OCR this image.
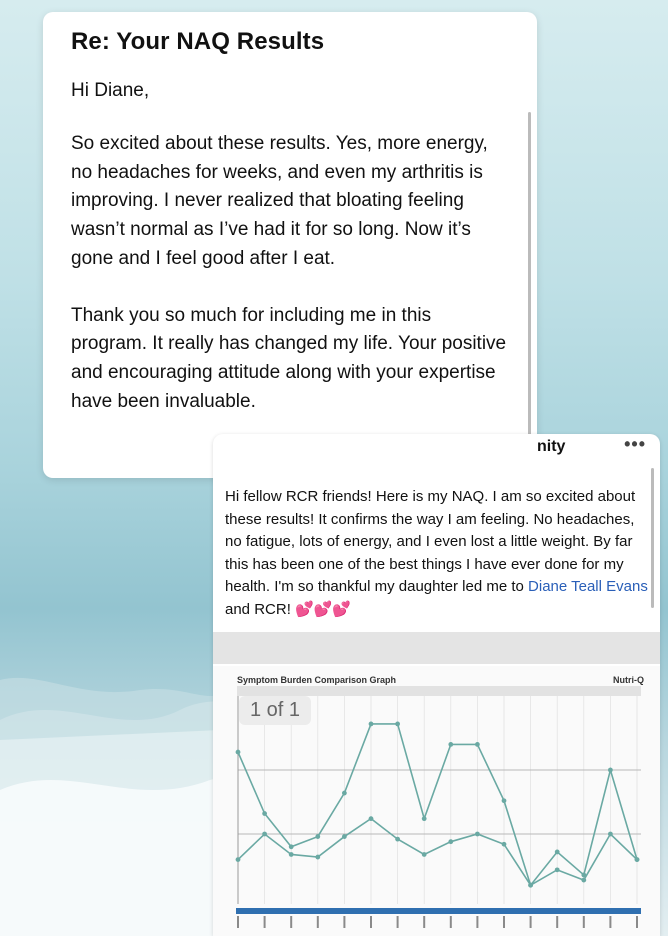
Re: Your NAQ Results
Hi Diane,
So excited about these results. Yes, more energy, no headaches for weeks, and even my arthritis is improving. I never realized that bloating feeling wasn’t normal as I’ve had it for so long. Now it’s gone and I feel good after I eat.
Thank you so much for including me in this program. It really has changed my life. Your positive and encouraging attitude along with your expertise have been invaluable.
nity	•••
Hi fellow RCR friends! Here is my NAQ. I am so excited about these results! It confirms the way I am feeling. No headaches, no fatigue, lots of energy, and I even lost a little weight. By far this has been one of the best things I have ever done for my health. I'm so thankful my daughter led me to Diane Teall Evans and RCR! 💕💕💕
Symptom Burden Comparison Graph	Nutri-Q
1 of 1
